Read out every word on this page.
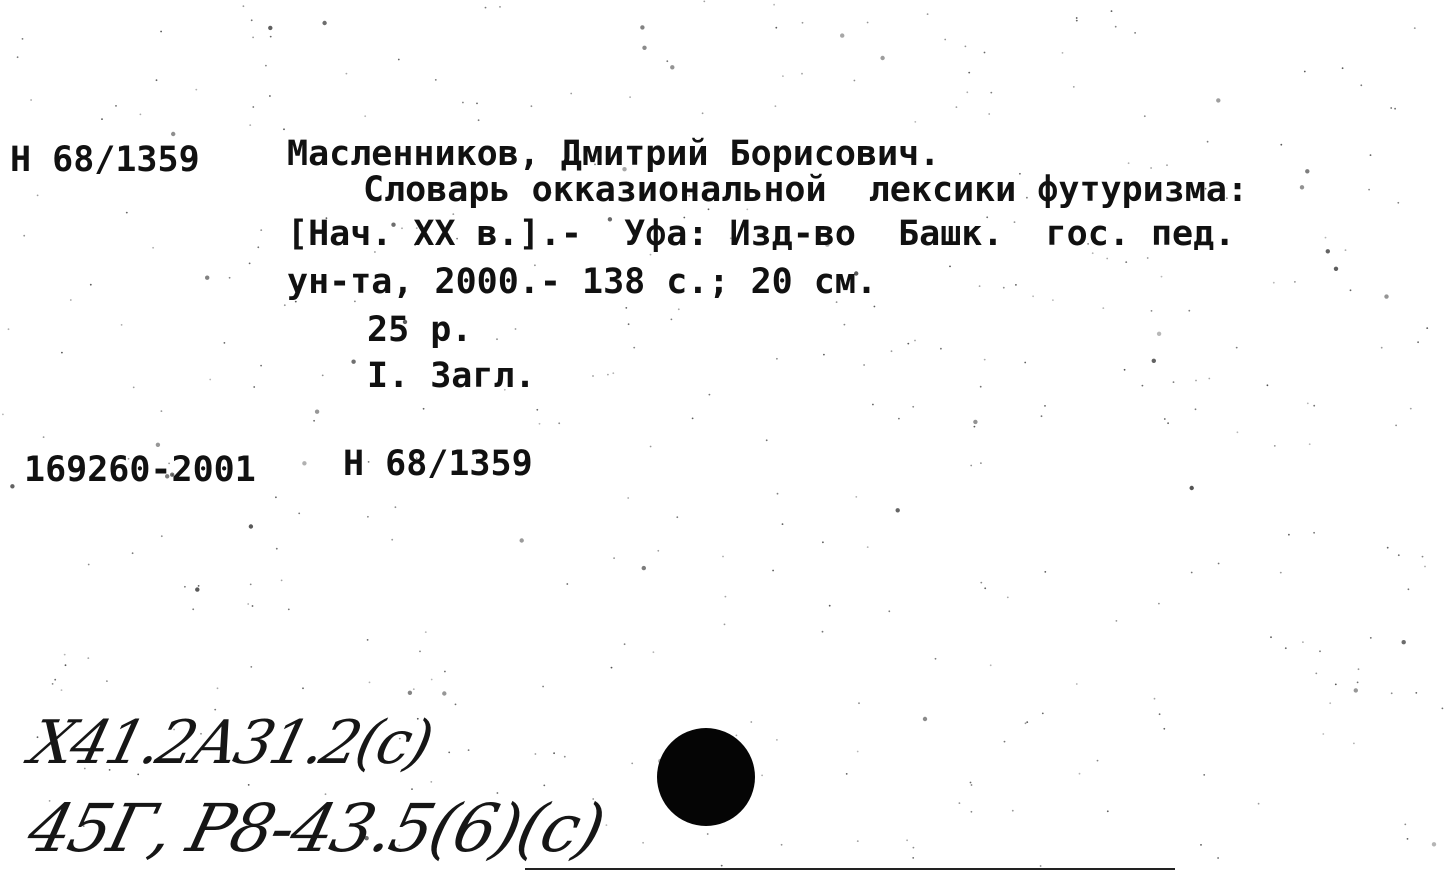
Н 68/1359 Масленников, Дмитрий Борисович.
Словарь окказиональной  лексики футуризма:
[Нач. ХХ в.].-  Уфа: Изд-во  Башк.  гос. пед.
ун-та, 2000.- 138 с.; 20 см.
25 р.
I. Загл.
169260-2001 Н 68/1359
Х41.2А31.2(с)
45Г, Р8-43.5(6)(с)
